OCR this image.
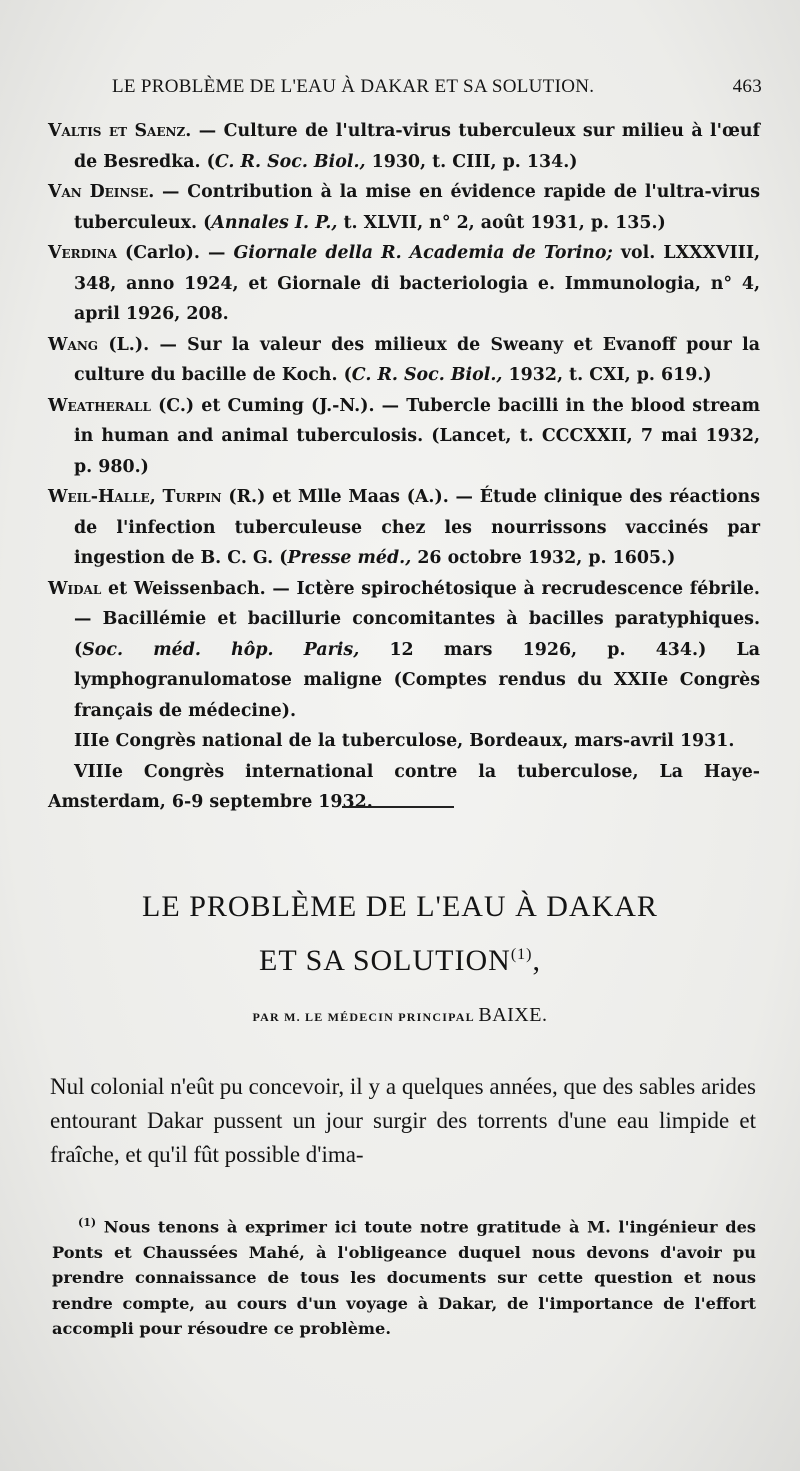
LE PROBLÈME DE L'EAU À DAKAR ET SA SOLUTION.	463

Valtis et Saenz. — Culture de l'ultra-virus tuberculeux sur milieu à l'œuf de Besredka. (C. R. Soc. Biol., 1930, t. CIII, p. 134.)

Van Deinse. — Contribution à la mise en évidence rapide de l'ultra-virus tuberculeux. (Annales I. P., t. XLVII, n° 2, août 1931, p. 135.)

Verdina (Carlo). — Giornale della R. Academia de Torino; vol. LXXXVIII, 348, anno 1924, et Giornale di bacteriologia e. Immunologia, n° 4, april 1926, 208.

Wang (L.). — Sur la valeur des milieux de Sweany et Evanoff pour la culture du bacille de Koch. (C. R. Soc. Biol., 1932, t. CXI, p. 619.)

Weatherall (C.) et Cuming (J.-N.). — Tubercle bacilli in the blood stream in human and animal tuberculosis. (Lancet, t. CCCXXII, 7 mai 1932, p. 980.)

Weil-Halle, Turpin (R.) et Mlle Maas (A.). — Étude clinique des réactions de l'infection tuberculeuse chez les nourrissons vaccinés par ingestion de B. C. G. (Presse méd., 26 octobre 1932, p. 1605.)

Widal et Weissenbach. — Ictère spirochétosique à recrudescence fébrile. — Bacillémie et bacillurie concomitantes à bacilles paratyphiques. (Soc. méd. hôp. Paris, 12 mars 1926, p. 434.) La lymphogranulomatose maligne (Comptes rendus du XXIIe Congrès français de médecine).

IIIe Congrès national de la tuberculose, Bordeaux, mars-avril 1931.

VIIIe Congrès international contre la tuberculose, La Haye-Amsterdam, 6-9 septembre 1932.

LE PROBLÈME DE L'EAU À DAKAR
ET SA SOLUTION$^{(1)}$,
PAR M. LE MÉDECIN PRINCIPAL BAIXE.

Nul colonial n'eût pu concevoir, il y a quelques années, que des sables arides entourant Dakar pussent un jour surgir des torrents d'une eau limpide et fraîche, et qu'il fût possible d'ima-

$^{(1)}$ Nous tenons à exprimer ici toute notre gratitude à M. l'ingénieur des Ponts et Chaussées Mahé, à l'obligeance duquel nous devons d'avoir pu prendre connaissance de tous les documents sur cette question et nous rendre compte, au cours d'un voyage à Dakar, de l'importance de l'effort accompli pour résoudre ce problème.
